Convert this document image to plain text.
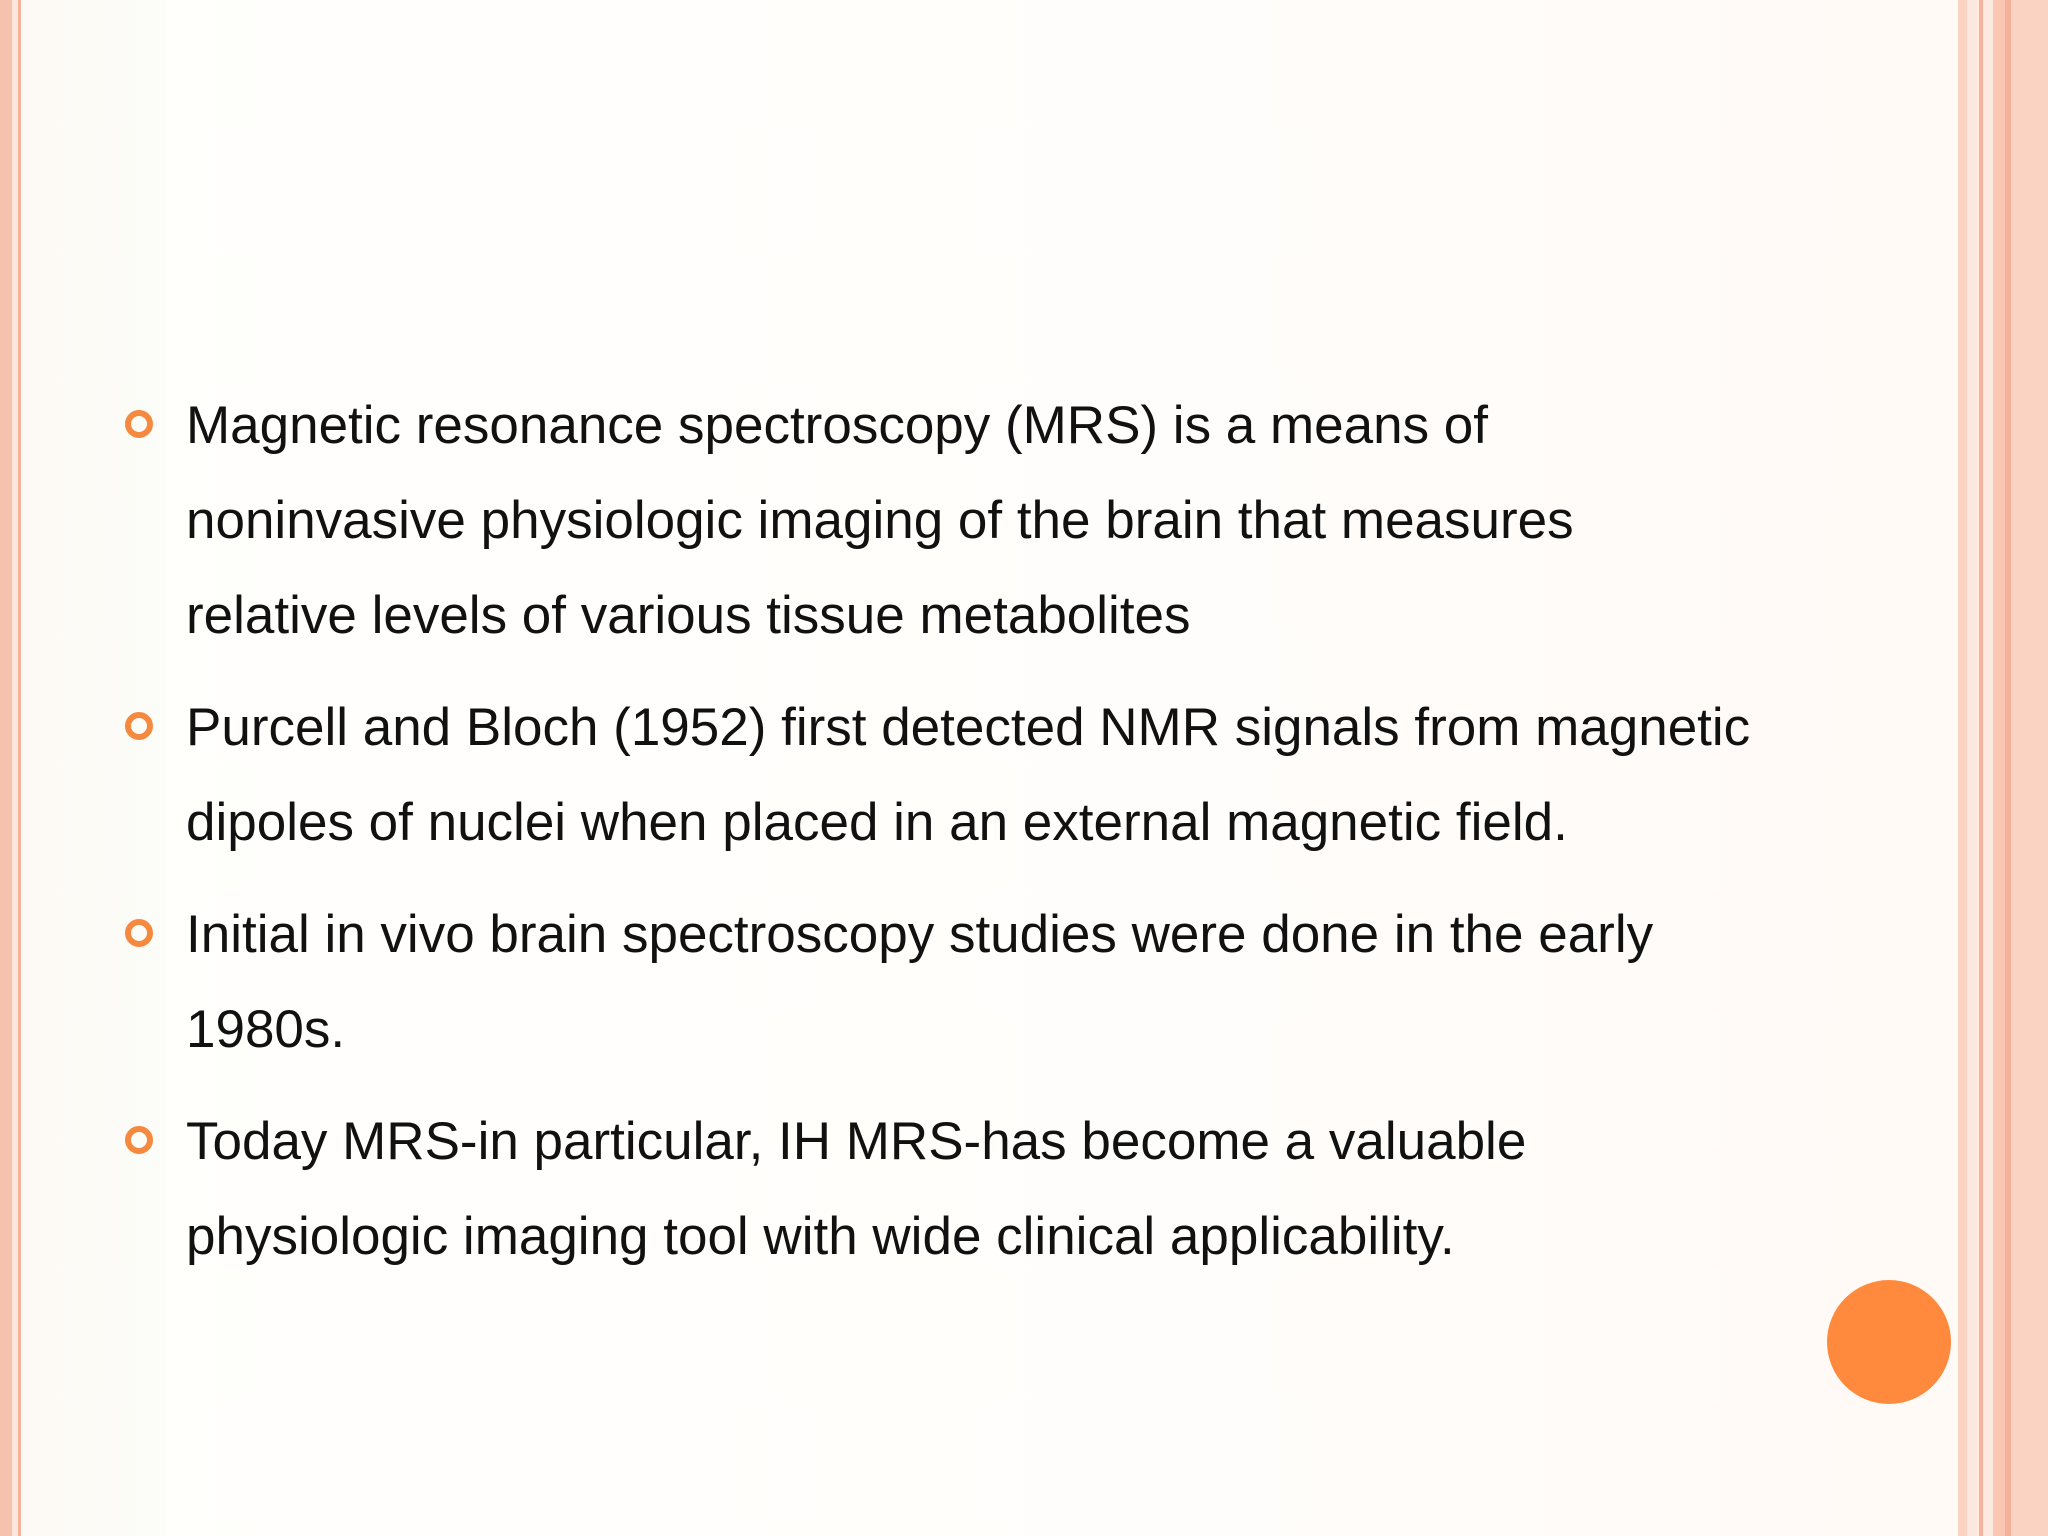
Magnetic resonance spectroscopy (MRS) is a means of noninvasive physiologic imaging of the brain that measures relative levels of various tissue metabolites
Purcell and Bloch (1952) first detected NMR signals from magnetic dipoles of nuclei when placed in an external magnetic field.
Initial in vivo brain spectroscopy studies were done in the early 1980s.
Today MRS-in particular, IH MRS-has become a valuable physiologic imaging tool with wide clinical applicability.
